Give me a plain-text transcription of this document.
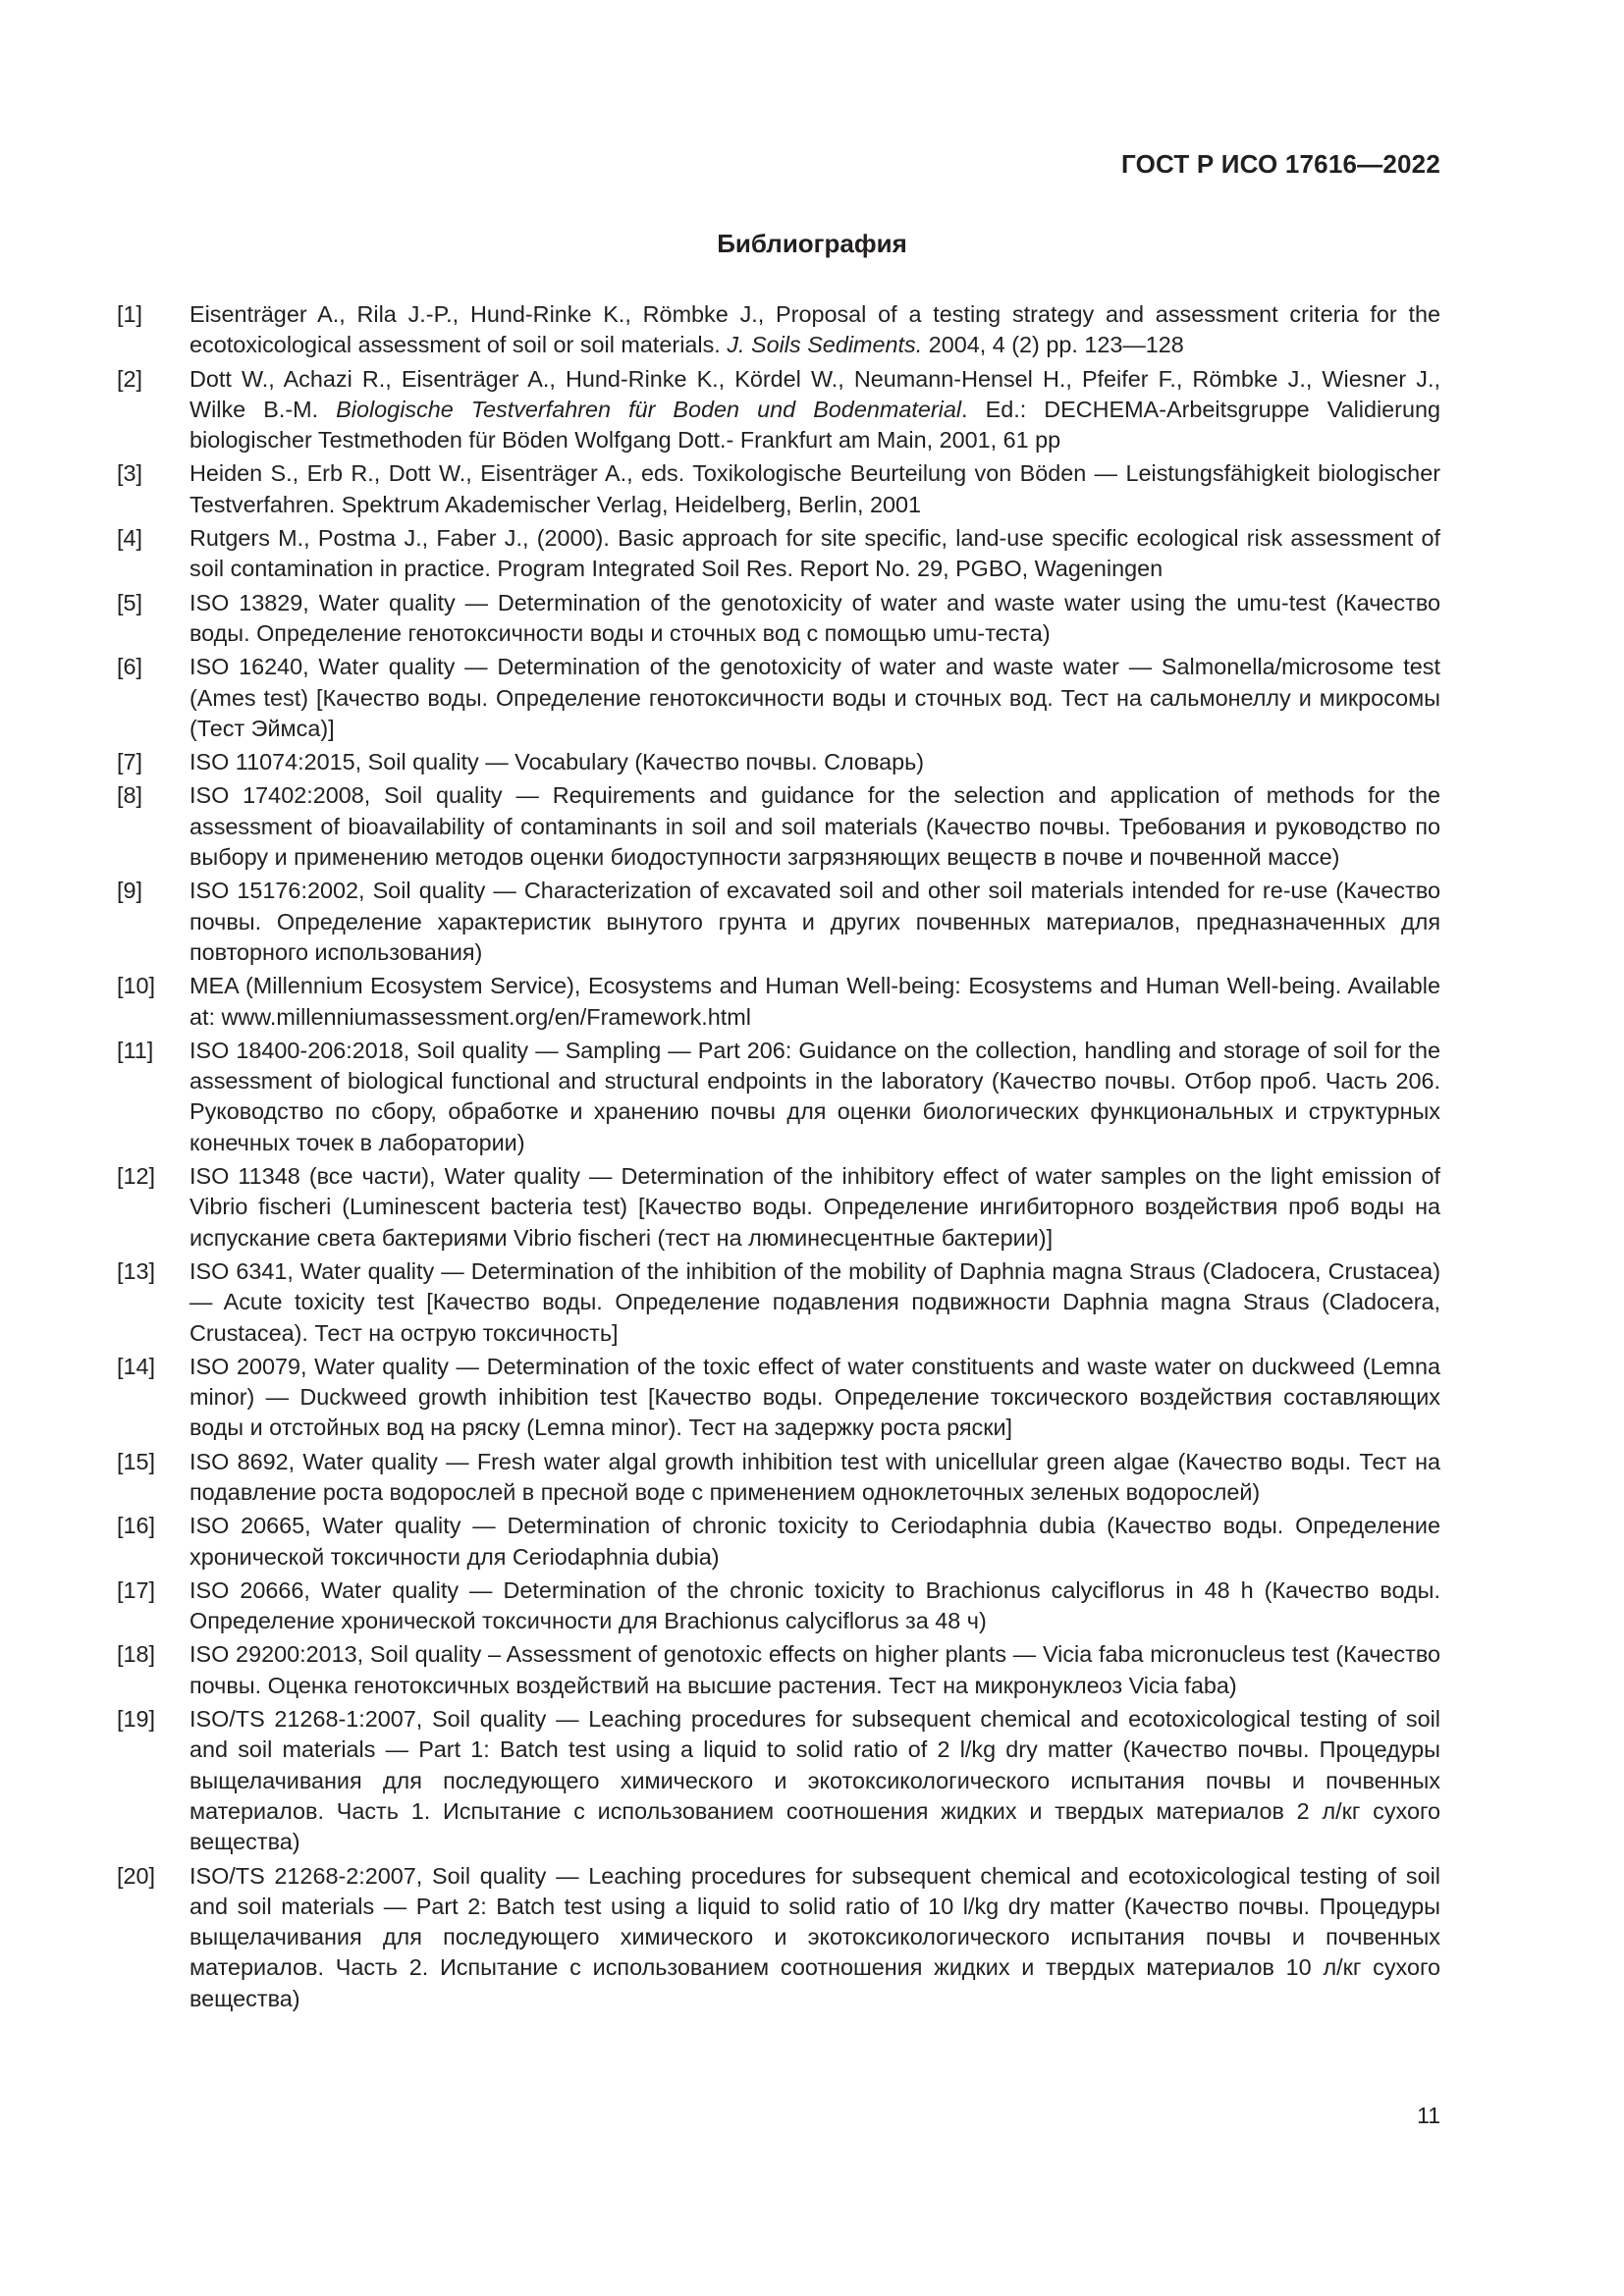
ГОСТ Р ИСО 17616—2022
Библиография
[1]	Eisenträger A., Rila J.-P., Hund-Rinke K., Römbke J., Proposal of a testing strategy and assessment criteria for the ecotoxicological assessment of soil or soil materials. J. Soils Sediments. 2004, 4 (2) pp. 123—128
[2]	Dott W., Achazi R., Eisenträger A., Hund-Rinke K., Kördel W., Neumann-Hensel H., Pfeifer F., Römbke J., Wiesner J., Wilke B.-M. Biologische Testverfahren für Boden und Bodenmaterial. Ed.: DECHEMA-Arbeitsgruppe Validierung biologischer Testmethoden für Böden Wolfgang Dott.- Frankfurt am Main, 2001, 61 pp
[3]	Heiden S., Erb R., Dott W., Eisenträger A., eds. Toxikologische Beurteilung von Böden — Leistungsfähigkeit biologischer Testverfahren. Spektrum Akademischer Verlag, Heidelberg, Berlin, 2001
[4]	Rutgers M., Postma J., Faber J., (2000). Basic approach for site specific, land-use specific ecological risk assessment of soil contamination in practice. Program Integrated Soil Res. Report No. 29, PGBO, Wageningen
[5]	ISO 13829, Water quality — Determination of the genotoxicity of water and waste water using the umu-test (Качество воды. Определение генотоксичности воды и сточных вод с помощью umu-теста)
[6]	ISO 16240, Water quality — Determination of the genotoxicity of water and waste water — Salmonella/microsome test (Ames test) [Качество воды. Определение генотоксичности воды и сточных вод. Тест на сальмонеллу и микросомы (Тест Эймса)]
[7]	ISO 11074:2015, Soil quality — Vocabulary (Качество почвы. Словарь)
[8]	ISO 17402:2008, Soil quality — Requirements and guidance for the selection and application of methods for the assessment of bioavailability of contaminants in soil and soil materials (Качество почвы. Требования и руководство по выбору и применению методов оценки биодоступности загрязняющих веществ в почве и почвенной массе)
[9]	ISO 15176:2002, Soil quality — Characterization of excavated soil and other soil materials intended for re-use (Качество почвы. Определение характеристик вынутого грунта и других почвенных материалов, предназначенных для повторного использования)
[10]	MEA (Millennium Ecosystem Service), Ecosystems and Human Well-being: Ecosystems and Human Well-being. Available at: www.millenniumassessment.org/en/Framework.html
[11]	ISO 18400-206:2018, Soil quality — Sampling — Part 206: Guidance on the collection, handling and storage of soil for the assessment of biological functional and structural endpoints in the laboratory (Качество почвы. Отбор проб. Часть 206. Руководство по сбору, обработке и хранению почвы для оценки биологических функциональных и структурных конечных точек в лаборатории)
[12]	ISO 11348 (все части), Water quality — Determination of the inhibitory effect of water samples on the light emission of Vibrio fischeri (Luminescent bacteria test) [Качество воды. Определение ингибиторного воздействия проб воды на испускание света бактериями Vibrio fischeri (тест на люминесцентные бактерии)]
[13]	ISO 6341, Water quality — Determination of the inhibition of the mobility of Daphnia magna Straus (Cladocera, Crustacea) — Acute toxicity test [Качество воды. Определение подавления подвижности Daphnia magna Straus (Cladocera, Crustacea). Тест на острую токсичность]
[14]	ISO 20079, Water quality — Determination of the toxic effect of water constituents and waste water on duckweed (Lemna minor) — Duckweed growth inhibition test [Качество воды. Определение токсического воздействия составляющих воды и отстойных вод на ряску (Lemna minor). Тест на задержку роста ряски]
[15]	ISO 8692, Water quality — Fresh water algal growth inhibition test with unicellular green algae (Качество воды. Тест на подавление роста водорослей в пресной воде с применением одноклеточных зеленых водорослей)
[16]	ISO 20665, Water quality — Determination of chronic toxicity to Ceriodaphnia dubia (Качество воды. Определение хронической токсичности для Ceriodaphnia dubia)
[17]	ISO 20666, Water quality — Determination of the chronic toxicity to Brachionus calyciflorus in 48 h (Качество воды. Определение хронической токсичности для Brachionus calyciflorus за 48 ч)
[18]	ISO 29200:2013, Soil quality – Assessment of genotoxic effects on higher plants — Vicia faba micronucleus test (Качество почвы. Оценка генотоксичных воздействий на высшие растения. Тест на микронуклеоз Vicia faba)
[19]	ISO/TS 21268-1:2007, Soil quality — Leaching procedures for subsequent chemical and ecotoxicological testing of soil and soil materials — Part 1: Batch test using a liquid to solid ratio of 2 l/kg dry matter (Качество почвы. Процедуры выщелачивания для последующего химического и экотоксикологического испытания почвы и почвенных материалов. Часть 1. Испытание с использованием соотношения жидких и твердых материалов 2 л/кг сухого вещества)
[20]	ISO/TS 21268-2:2007, Soil quality — Leaching procedures for subsequent chemical and ecotoxicological testing of soil and soil materials — Part 2: Batch test using a liquid to solid ratio of 10 l/kg dry matter (Качество почвы. Процедуры выщелачивания для последующего химического и экотоксикологического испытания почвы и почвенных материалов. Часть 2. Испытание с использованием соотношения жидких и твердых материалов 10 л/кг сухого вещества)
11
